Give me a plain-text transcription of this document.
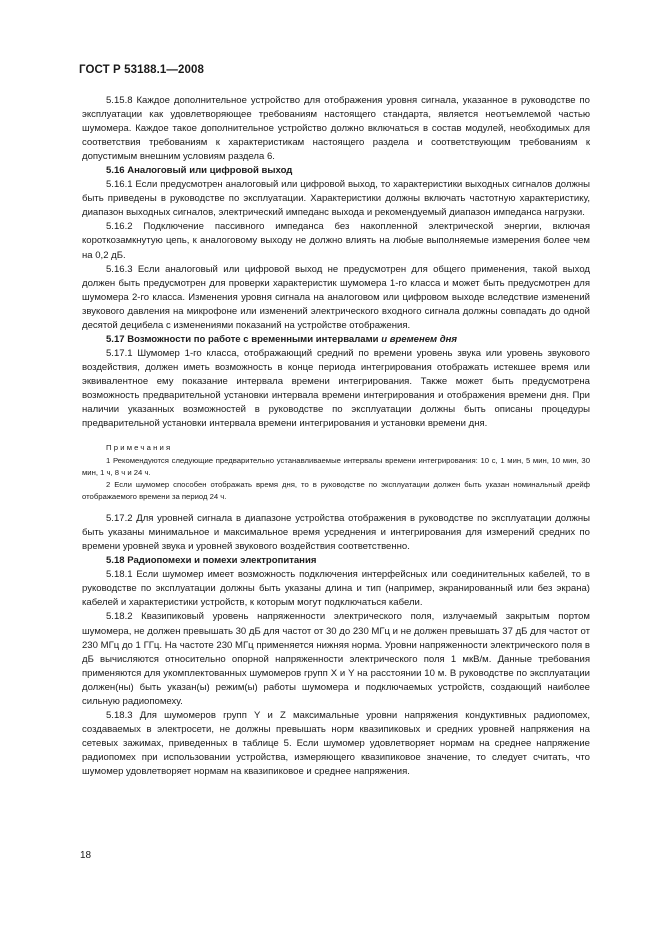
ГОСТ Р 53188.1—2008

5.15.8 Каждое дополнительное устройство для отображения уровня сигнала, указанное в руководстве по эксплуатации как удовлетворяющее требованиям настоящего стандарта, является неотъемлемой частью шумомера. Каждое такое дополнительное устройство должно включаться в состав модулей, необходимых для соответствия требованиям к характеристикам настоящего раздела и соответствующим требованиям к допустимым внешним условиям раздела 6.

5.16 Аналоговый или цифровой выход

5.16.1 Если предусмотрен аналоговый или цифровой выход, то характеристики выходных сигналов должны быть приведены в руководстве по эксплуатации. Характеристики должны включать частотную характеристику, диапазон выходных сигналов, электрический импеданс выхода и рекомендуемый диапазон импеданса нагрузки.

5.16.2 Подключение пассивного импеданса без накопленной электрической энергии, включая короткозамкнутую цепь, к аналоговому выходу не должно влиять на любые выполняемые измерения более чем на 0,2 дБ.

5.16.3 Если аналоговый или цифровой выход не предусмотрен для общего применения, такой выход должен быть предусмотрен для проверки характеристик шумомера 1-го класса и может быть предусмотрен для шумомера 2-го класса. Изменения уровня сигнала на аналоговом или цифровом выходе вследствие изменений звукового давления на микрофоне или изменений электрического входного сигнала должны совпадать до одной десятой децибела с изменениями показаний на устройстве отображения.

5.17 Возможности по работе с временными интервалами и временем дня

5.17.1 Шумомер 1-го класса, отображающий средний по времени уровень звука или уровень звукового воздействия, должен иметь возможность в конце периода интегрирования отображать истекшее время или эквивалентное ему показание интервала времени интегрирования. Также может быть предусмотрена возможность предварительной установки интервала времени интегрирования и отображения времени дня. При наличии указанных возможностей в руководстве по эксплуатации должны быть описаны процедуры предварительной установки интервала времени интегрирования и установки времени дня.

Примечания

1 Рекомендуются следующие предварительно устанавливаемые интервалы времени интегрирования: 10 с, 1 мин, 5 мин, 10 мин, 30 мин, 1 ч, 8 ч и 24 ч.

2 Если шумомер способен отображать время дня, то в руководстве по эксплуатации должен быть указан номинальный дрейф отображаемого времени за период 24 ч.

5.17.2 Для уровней сигнала в диапазоне устройства отображения в руководстве по эксплуатации должны быть указаны минимальное и максимальное время усреднения и интегрирования для измерений средних по времени уровней звука и уровней звукового воздействия соответственно.

5.18 Радиопомехи и помехи электропитания

5.18.1 Если шумомер имеет возможность подключения интерфейсных или соединительных кабелей, то в руководстве по эксплуатации должны быть указаны длина и тип (например, экранированный или без экрана) кабелей и характеристики устройств, к которым могут подключаться кабели.

5.18.2 Квазипиковый уровень напряженности электрического поля, излучаемый закрытым портом шумомера, не должен превышать 30 дБ для частот от 30 до 230 МГц и не должен превышать 37 дБ для частот от 230 МГц до 1 ГГц. На частоте 230 МГц применяется нижняя норма. Уровни напряженности электрического поля в дБ вычисляются относительно опорной напряженности электрического поля 1 мкВ/м. Данные требования применяются для укомплектованных шумомеров групп X и Y на расстоянии 10 м. В руководстве по эксплуатации должен(ны) быть указан(ы) режим(ы) работы шумомера и подключаемых устройств, создающий наиболее сильную радиопомеху.

5.18.3 Для шумомеров групп Y и Z максимальные уровни напряжения кондуктивных радиопомех, создаваемых в электросети, не должны превышать норм квазипиковых и средних уровней напряжения на сетевых зажимах, приведенных в таблице 5. Если шумомер удовлетворяет нормам на среднее напряжение радиопомех при использовании устройства, измеряющего квазипиковое значение, то следует считать, что шумомер удовлетворяет нормам на квазипиковое и среднее напряжения.

18
